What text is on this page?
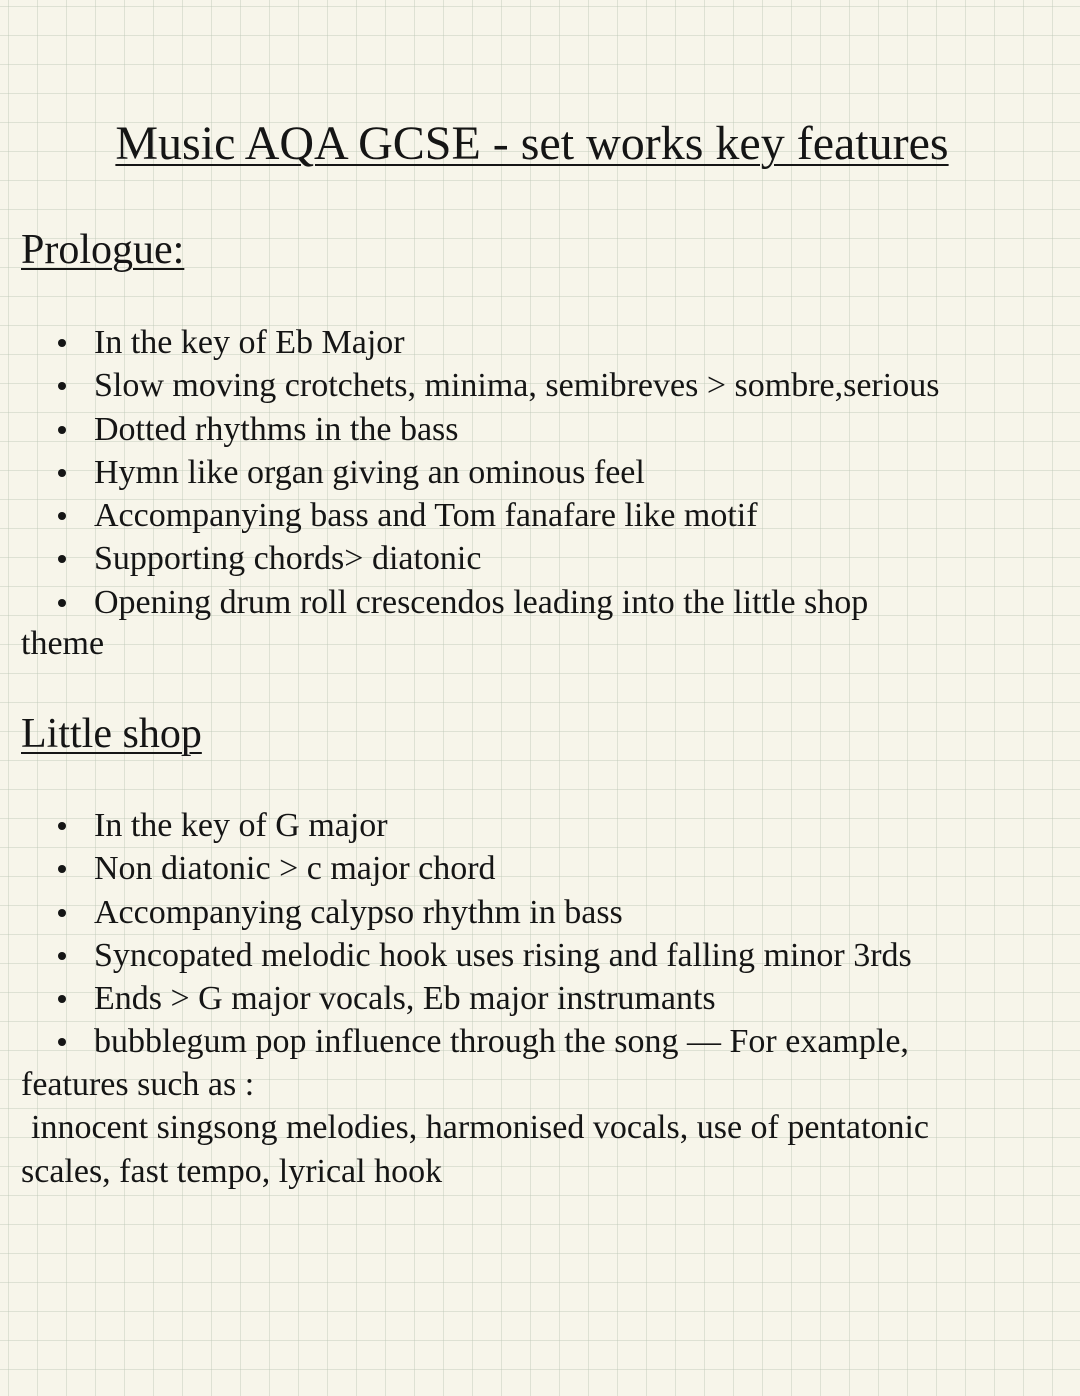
Music AQA GCSE - set works key features
Prologue:
In the key of Eb Major
Slow moving crotchets, minima, semibreves > sombre,serious
Dotted rhythms in the bass
Hymn like organ giving an ominous feel
Accompanying bass and Tom fanafare like motif
Supporting chords> diatonic
Opening drum roll crescendos leading into the little shop

theme

Little shop
In the key of G major
Non diatonic > c major chord
Accompanying calypso rhythm in bass
Syncopated melodic hook uses rising and falling minor 3rds
Ends > G major vocals, Eb major instrumants
bubblegum pop influence through the song — For example,

features such as :

innocent singsong melodies, harmonised vocals, use of pentatonic

scales, fast tempo, lyrical hook
